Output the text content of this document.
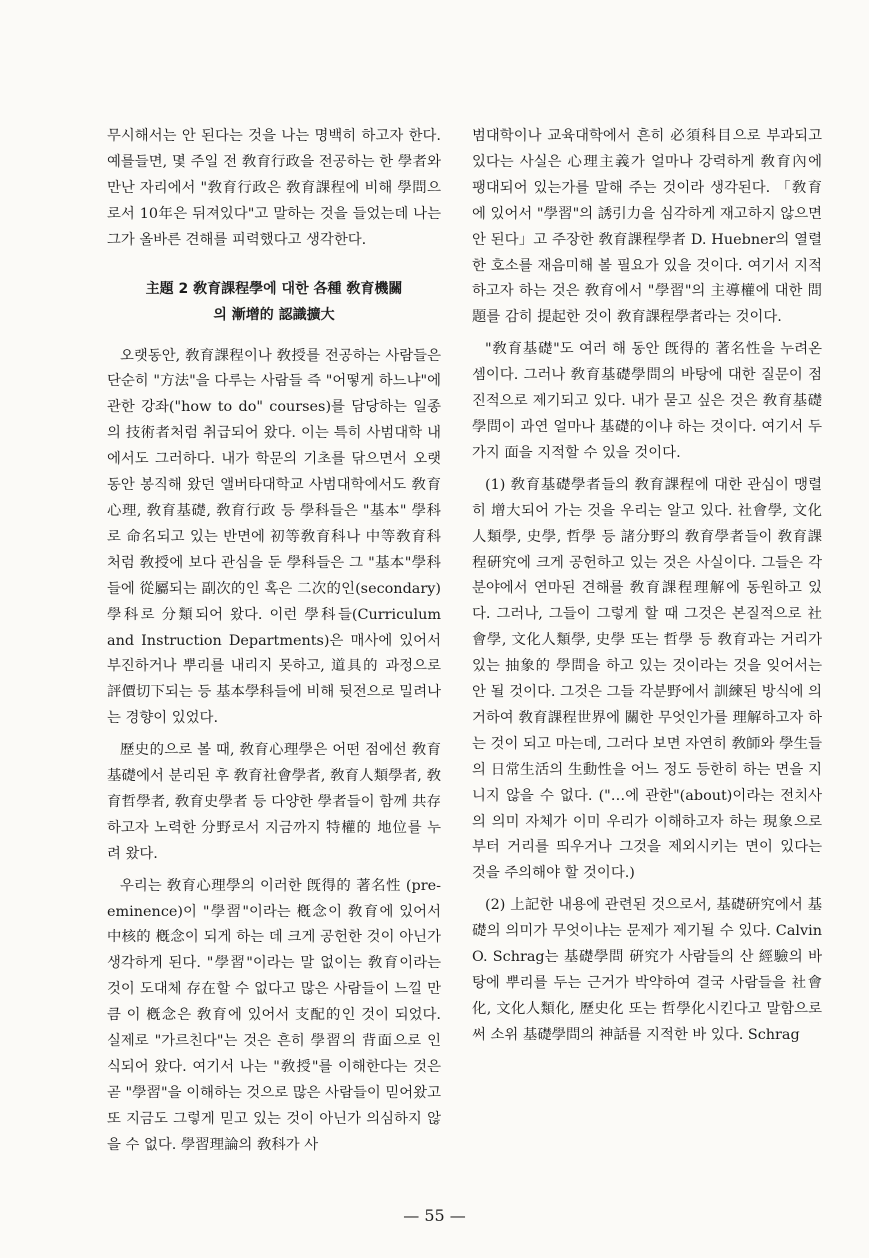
무시해서는 안 된다는 것을 나는 명백히 하고자 한다. 예를들면, 몇 주일 전 敎育行政을 전공하는 한 學者와 만난 자리에서 "敎育行政은 敎育課程에 비해 學問으로서 10年은 뒤져있다"고 말하는 것을 들었는데 나는 그가 올바른 견해를 피력했다고 생각한다.

主題 2 敎育課程學에 대한 各種 敎育機關
의 漸增的 認識擴大

오랫동안, 敎育課程이나 敎授를 전공하는 사람들은 단순히 "方法"을 다루는 사람들 즉 "어떻게 하느냐"에 관한 강좌("how to do" courses)를 담당하는 일종의 技術者처럼 취급되어 왔다. 이는 특히 사범대학 내에서도 그러하다. 내가 학문의 기초를 닦으면서 오랫동안 봉직해 왔던 앨버타대학교 사범대학에서도 敎育心理, 敎育基礎, 敎育行政 등 學科들은 "基本" 學科로 命名되고 있는 반면에 初等敎育科나 中等敎育科처럼 敎授에 보다 관심을 둔 學科들은 그 "基本"學科들에 從屬되는 副次的인 혹은 二次的인(secondary) 學科로 分類되어 왔다. 이런 學科들(Curriculum and Instruction Departments)은 매사에 있어서 부진하거나 뿌리를 내리지 못하고, 道具的 과정으로 評價切下되는 등 基本學科들에 비해 뒷전으로 밀려나는 경향이 있었다.

歷史的으로 볼 때, 敎育心理學은 어떤 점에선 敎育基礎에서 분리된 후 敎育社會學者, 敎育人類學者, 敎育哲學者, 敎育史學者 등 다양한 學者들이 함께 共存하고자 노력한 分野로서 지금까지 特權的 地位를 누려 왔다.

우리는 敎育心理學의 이러한 旣得的 著名性 (pre-eminence)이 "學習"이라는 槪念이 敎育에 있어서 中核的 槪念이 되게 하는 데 크게 공헌한 것이 아닌가 생각하게 된다. "學習"이라는 말 없이는 敎育이라는 것이 도대체 存在할 수 없다고 많은 사람들이 느낄 만큼 이 槪念은 敎育에 있어서 支配的인 것이 되었다. 실제로 "가르친다"는 것은 흔히 學習의 背面으로 인식되어 왔다. 여기서 나는 "敎授"를 이해한다는 것은 곧 "學習"을 이해하는 것으로 많은 사람들이 믿어왔고 또 지금도 그렇게 믿고 있는 것이 아닌가 의심하지 않을 수 없다. 學習理論의 敎科가 사

범대학이나 교육대학에서 흔히 必須科目으로 부과되고 있다는 사실은 心理主義가 얼마나 강력하게 敎育內에 팽대되어 있는가를 말해 주는 것이라 생각된다. 「敎育에 있어서 "學習"의 誘引力을 심각하게 재고하지 않으면 안 된다」고 주장한 敎育課程學者 D. Huebner의 열렬한 호소를 재음미해 볼 필요가 있을 것이다. 여기서 지적하고자 하는 것은 敎育에서 "學習"의 主導權에 대한 問題를 감히 提起한 것이 敎育課程學者라는 것이다.

"敎育基礎"도 여러 해 동안 旣得的 著名性을 누려온 셈이다. 그러나 敎育基礎學問의 바탕에 대한 질문이 점진적으로 제기되고 있다. 내가 묻고 싶은 것은 敎育基礎學問이 과연 얼마나 基礎的이냐 하는 것이다. 여기서 두 가지 面을 지적할 수 있을 것이다.

(1) 敎育基礎學者들의 敎育課程에 대한 관심이 맹렬히 增大되어 가는 것을 우리는 알고 있다. 社會學, 文化人類學, 史學, 哲學 등 諸分野의 敎育學者들이 敎育課程硏究에 크게 공헌하고 있는 것은 사실이다. 그들은 각 분야에서 연마된 견해를 敎育課程理解에 동원하고 있다. 그러나, 그들이 그렇게 할 때 그것은 본질적으로 社會學, 文化人類學, 史學 또는 哲學 등 敎育과는 거리가 있는 抽象的 學問을 하고 있는 것이라는 것을 잊어서는 안 될 것이다. 그것은 그들 각분野에서 訓練된 방식에 의거하여 敎育課程世界에 關한 무엇인가를 理解하고자 하는 것이 되고 마는데, 그러다 보면 자연히 敎師와 學生들의 日常生活의 生動性을 어느 정도 등한히 하는 면을 지니지 않을 수 없다. ("…에 관한"(about)이라는 전치사의 의미 자체가 이미 우리가 이해하고자 하는 現象으로부터 거리를 띄우거나 그것을 제외시키는 면이 있다는 것을 주의해야 할 것이다.)

(2) 上記한 내용에 관련된 것으로서, 基礎硏究에서 基礎의 의미가 무엇이냐는 문제가 제기될 수 있다. Calvin O. Schrag는 基礎學問 硏究가 사람들의 산 經驗의 바탕에 뿌리를 두는 근거가 박약하여 결국 사람들을 社會化, 文化人類化, 歷史化 또는 哲學化시킨다고 말함으로써 소위 基礎學問의 神話를 지적한 바 있다. Schrag

— 55 —
